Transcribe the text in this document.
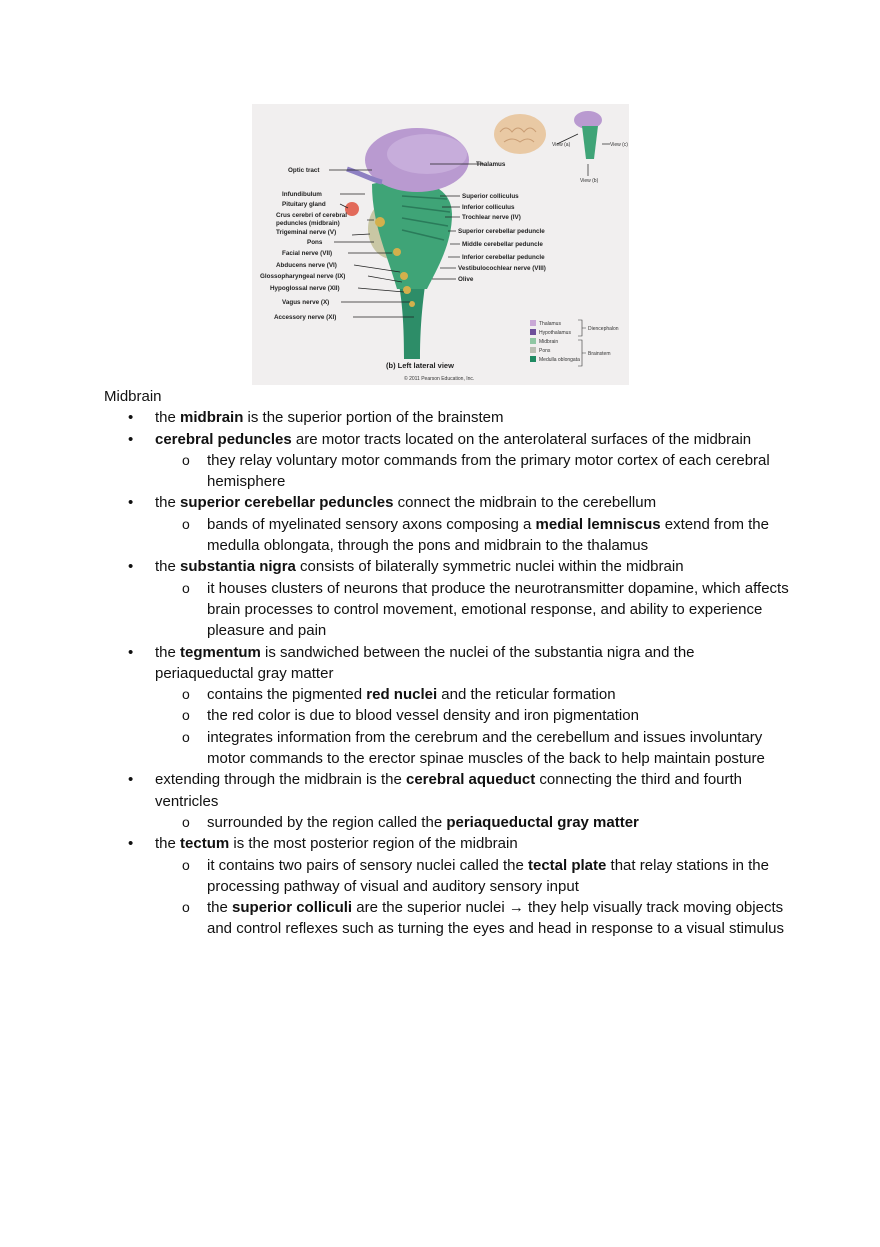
Optic tract
Infundibulum
Pituitary gland
Crus cerebri of cerebral
peduncles (midbrain)
Trigeminal nerve (V)
Pons
Facial nerve (VII)
Abducens nerve (VI)
Glossopharyngeal nerve (IX)
Hypoglossal nerve (XII)
Vagus nerve (X)
Accessory nerve (XI)
Thalamus
Superior colliculus
Inferior colliculus
Trochlear nerve (IV)
Superior cerebellar peduncle
Middle cerebellar peduncle
Inferior cerebellar peduncle
Vestibulocochlear nerve (VIII)
Olive
View (a)	View (c)
View (b)
Thalamus
Hypothalamus
Midbrain
Pons
Medulla oblongata
Diencephalon
Brainstem
(b) Left lateral view
© 2011 Pearson Education, Inc.
Midbrain
• the midbrain is the superior portion of the brainstem
• cerebral peduncles are motor tracts located on the anterolateral surfaces of the midbrain
o they relay voluntary motor commands from the primary motor cortex of each cerebral hemisphere
• the superior cerebellar peduncles connect the midbrain to the cerebellum
o bands of myelinated sensory axons composing a medial lemniscus extend from the medulla oblongata, through the pons and midbrain to the thalamus
• the substantia nigra consists of bilaterally symmetric nuclei within the midbrain
o it houses clusters of neurons that produce the neurotransmitter dopamine, which affects brain processes to control movement, emotional response, and ability to experience pleasure and pain
• the tegmentum is sandwiched between the nuclei of the substantia nigra and the periaqueductal gray matter
o contains the pigmented red nuclei and the reticular formation
o the red color is due to blood vessel density and iron pigmentation
o integrates information from the cerebrum and the cerebellum and issues involuntary motor commands to the erector spinae muscles of the back to help maintain posture
• extending through the midbrain is the cerebral aqueduct connecting the third and fourth ventricles
o surrounded by the region called the periaqueductal gray matter
• the tectum is the most posterior region of the midbrain
o it contains two pairs of sensory nuclei called the tectal plate that relay stations in the processing pathway of visual and auditory sensory input
o the superior colliculi are the superior nuclei → they help visually track moving objects and control reflexes such as turning the eyes and head in response to a visual stimulus
